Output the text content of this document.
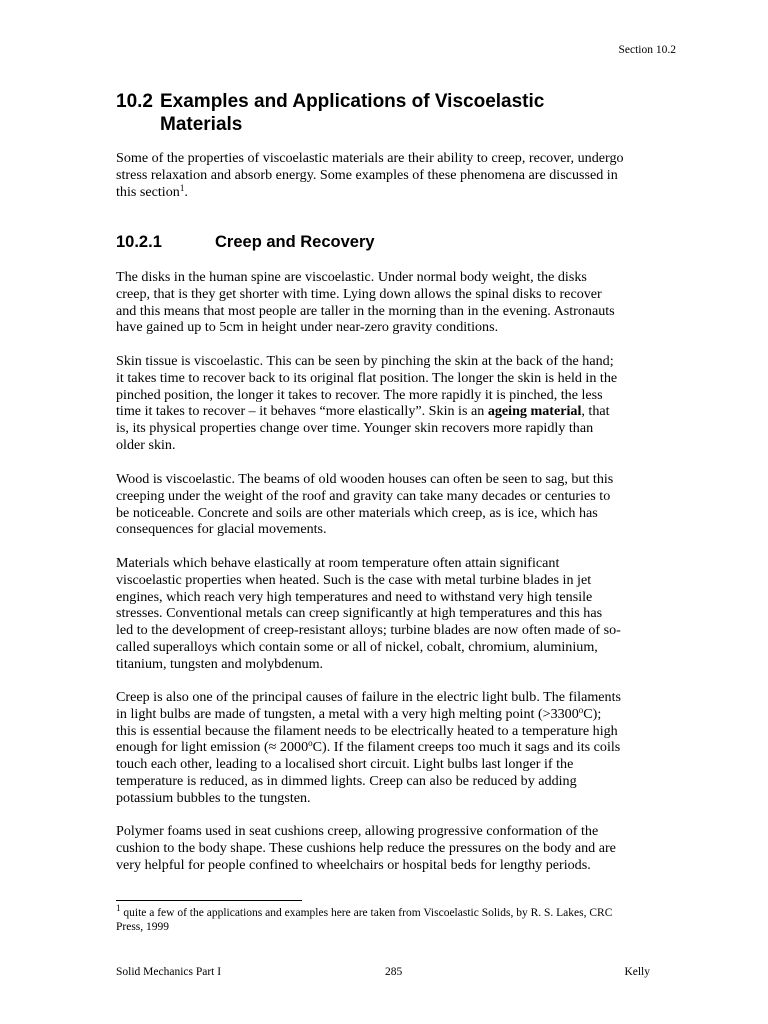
Section 10.2
10.2 Examples and Applications of Viscoelastic
Materials

Some of the properties of viscoelastic materials are their ability to creep, recover, undergo
stress relaxation and absorb energy. Some examples of these phenomena are discussed in
this section$^1$.

10.2.1	Creep and Recovery

The disks in the human spine are viscoelastic. Under normal body weight, the disks
creep, that is they get shorter with time. Lying down allows the spinal disks to recover
and this means that most people are taller in the morning than in the evening. Astronauts
have gained up to 5cm in height under near-zero gravity conditions.

Skin tissue is viscoelastic. This can be seen by pinching the skin at the back of the hand;
it takes time to recover back to its original flat position. The longer the skin is held in the
pinched position, the longer it takes to recover. The more rapidly it is pinched, the less
time it takes to recover – it behaves “more elastically”. Skin is an ageing material, that
is, its physical properties change over time. Younger skin recovers more rapidly than
older skin.

Wood is viscoelastic. The beams of old wooden houses can often be seen to sag, but this
creeping under the weight of the roof and gravity can take many decades or centuries to
be noticeable. Concrete and soils are other materials which creep, as is ice, which has
consequences for glacial movements.

Materials which behave elastically at room temperature often attain significant
viscoelastic properties when heated. Such is the case with metal turbine blades in jet
engines, which reach very high temperatures and need to withstand very high tensile
stresses. Conventional metals can creep significantly at high temperatures and this has
led to the development of creep-resistant alloys; turbine blades are now often made of so-
called superalloys which contain some or all of nickel, cobalt, chromium, aluminium,
titanium, tungsten and molybdenum.

Creep is also one of the principal causes of failure in the electric light bulb. The filaments
in light bulbs are made of tungsten, a metal with a very high melting point $(>3300^oC)$;
this is essential because the filament needs to be electrically heated to a temperature high
enough for light emission (≈ $2000^oC$). If the filament creeps too much it sags and its coils
touch each other, leading to a localised short circuit. Light bulbs last longer if the
temperature is reduced, as in dimmed lights. Creep can also be reduced by adding
potassium bubbles to the tungsten.

Polymer foams used in seat cushions creep, allowing progressive conformation of the
cushion to the body shape. These cushions help reduce the pressures on the body and are
very helpful for people confined to wheelchairs or hospital beds for lengthy periods.

$^1$ quite a few of the applications and examples here are taken from Viscoelastic Solids, by R. S. Lakes, CRC
Press, 1999
Solid Mechanics Part I	285	Kelly
